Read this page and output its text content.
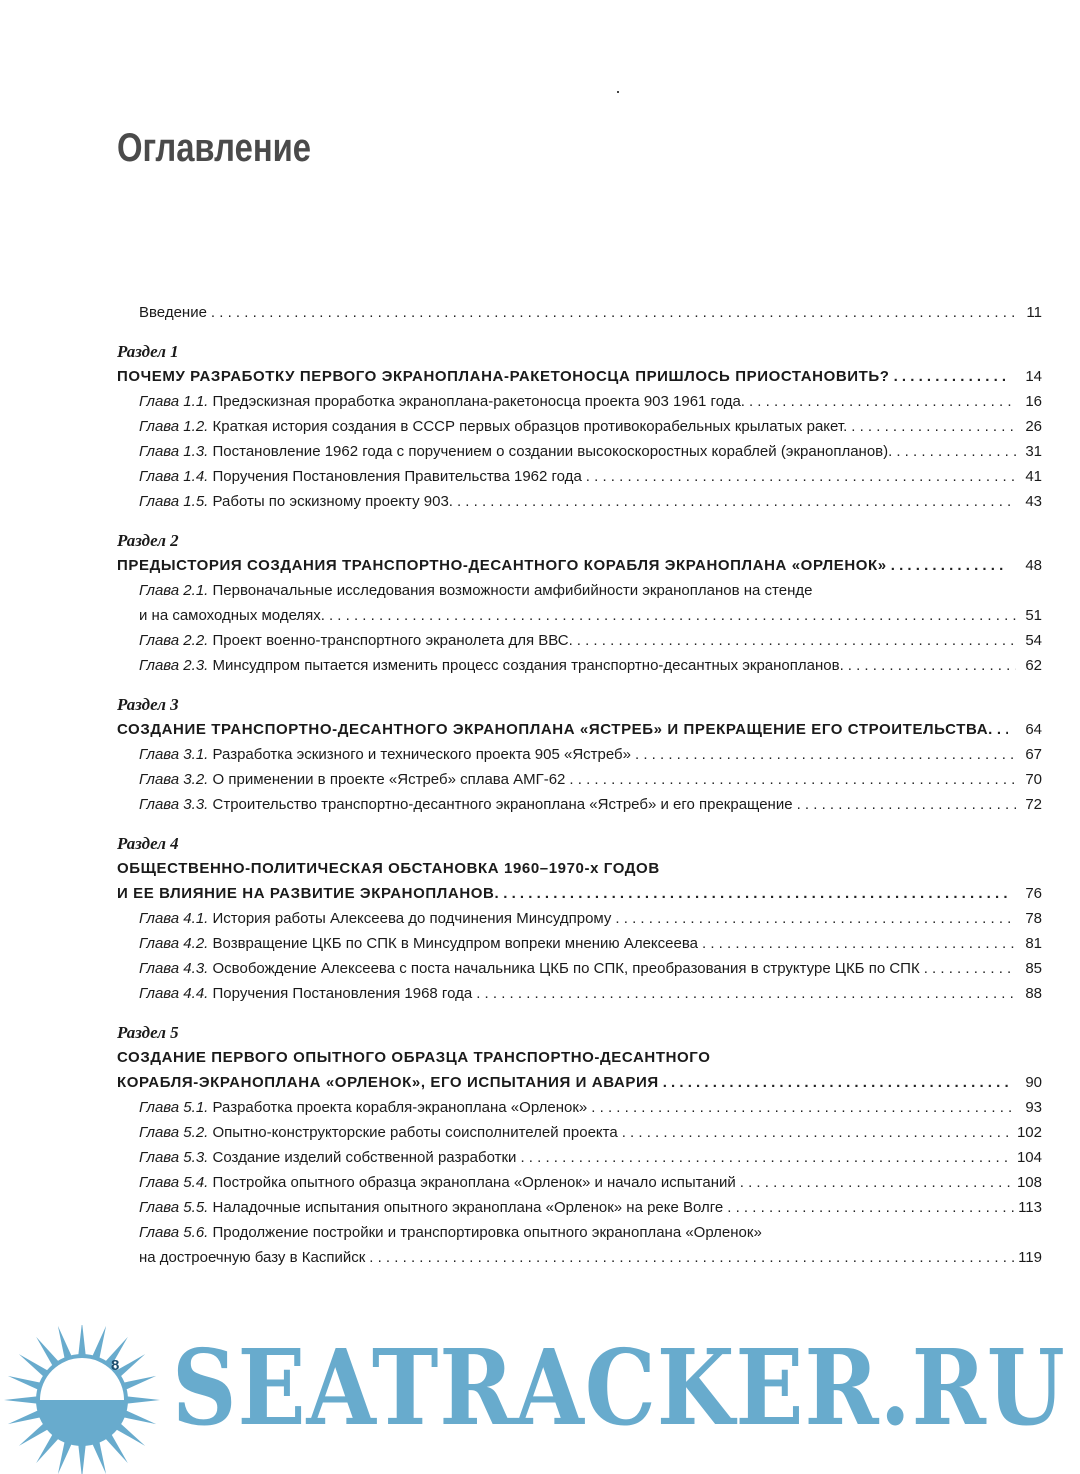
Оглавление
Введение . . .	11
Раздел 1
ПОЧЕМУ РАЗРАБОТКУ ПЕРВОГО ЭКРАНОПЛАНА-РАКЕТОНОСЦА ПРИШЛОСЬ ПРИОСТАНОВИТЬ? . . .	14
Глава 1.1. Предэскизная проработка экраноплана-ракетоносца проекта 903 1961 года. . . .	16
Глава 1.2. Краткая история создания в СССР первых образцов противокорабельных крылатых ракет. . . .	26
Глава 1.3. Постановление 1962 года с поручением о создании высокоскоростных кораблей (экранопланов). . . .	31
Глава 1.4. Поручения Постановления Правительства 1962 года . . .	41
Глава 1.5. Работы по эскизному проекту 903. . . .	43
Раздел 2
ПРЕДЫСТОРИЯ СОЗДАНИЯ ТРАНСПОРТНО-ДЕСАНТНОГО КОРАБЛЯ ЭКРАНОПЛАНА «ОРЛЕНОК» . . .	48
Глава 2.1. Первоначальные исследования возможности амфибийности экранопланов на стенде
и на самоходных моделях. . . .	51
Глава 2.2. Проект военно-транспортного экранолета для ВВС. . . .	54
Глава 2.3. Минсудпром пытается изменить процесс создания транспортно-десантных экранопланов. . . .	62
Раздел 3
СОЗДАНИЕ ТРАНСПОРТНО-ДЕСАНТНОГО ЭКРАНОПЛАНА «ЯСТРЕБ» И ПРЕКРАЩЕНИЕ ЕГО СТРОИТЕЛЬСТВА. . . .	64
Глава 3.1. Разработка эскизного и технического проекта 905 «Ястреб» . . .	67
Глава 3.2. О применении в проекте «Ястреб» сплава АМГ-62 . . .	70
Глава 3.3. Строительство транспортно-десантного экраноплана «Ястреб» и его прекращение . . .	72
Раздел 4
ОБЩЕСТВЕННО-ПОЛИТИЧЕСКАЯ ОБСТАНОВКА 1960–1970-х ГОДОВ
И ЕЕ ВЛИЯНИЕ НА РАЗВИТИЕ ЭКРАНОПЛАНОВ. . . .	76
Глава 4.1. История работы Алексеева до подчинения Минсудпрому . . .	78
Глава 4.2. Возвращение ЦКБ по СПК в Минсудпром вопреки мнению Алексеева . . .	81
Глава 4.3. Освобождение Алексеева с поста начальника ЦКБ по СПК, преобразования в структуре ЦКБ по СПК . . .	85
Глава 4.4. Поручения Постановления 1968 года . . .	88
Раздел 5
СОЗДАНИЕ ПЕРВОГО ОПЫТНОГО ОБРАЗЦА ТРАНСПОРТНО-ДЕСАНТНОГО
КОРАБЛЯ-ЭКРАНОПЛАНА «ОРЛЕНОК», ЕГО ИСПЫТАНИЯ И АВАРИЯ . . .	90
Глава 5.1. Разработка проекта корабля-экраноплана «Орленок» . . .	93
Глава 5.2. Опытно-конструкторские работы соисполнителей проекта . . .	102
Глава 5.3. Создание изделий собственной разработки . . .	104
Глава 5.4. Постройка опытного образца экраноплана «Орленок» и начало испытаний . . .	108
Глава 5.5. Наладочные испытания опытного экраноплана «Орленок» на реке Волге . . .	113
Глава 5.6. Продолжение постройки и транспортировка опытного экраноплана «Орленок»
на достроечную базу в Каспийск . . .	119
SEATRACKER.RU
8
